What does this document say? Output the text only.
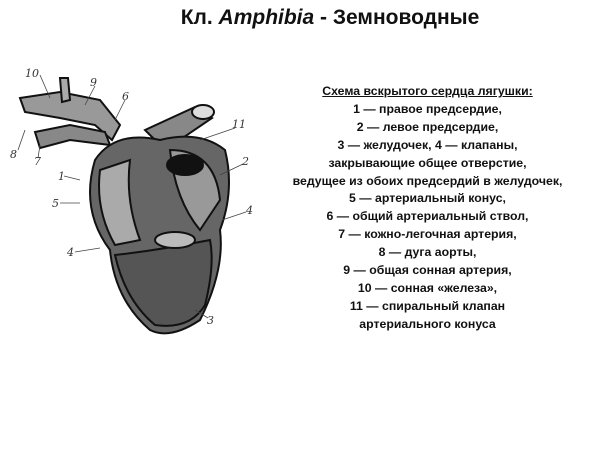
Кл. Amphibia - Земноводные
10
9
6
11
2
4
3
4
5
1
8
7
Схема вскрытого сердца лягушки:
1 — правое предсердие,
2 — левое предсердие,
3 — желудочек, 4 — клапаны,
закрывающие общее отверстие,
ведущее из обоих предсердий в желудочек,
5 — артериальный конус,
6 — общий артериальный ствол,
7 — кожно-легочная артерия,
8 — дуга аорты,
9 — общая сонная артерия,
10 — сонная «железа»,
11 — спиральный клапан
артериального конуса
